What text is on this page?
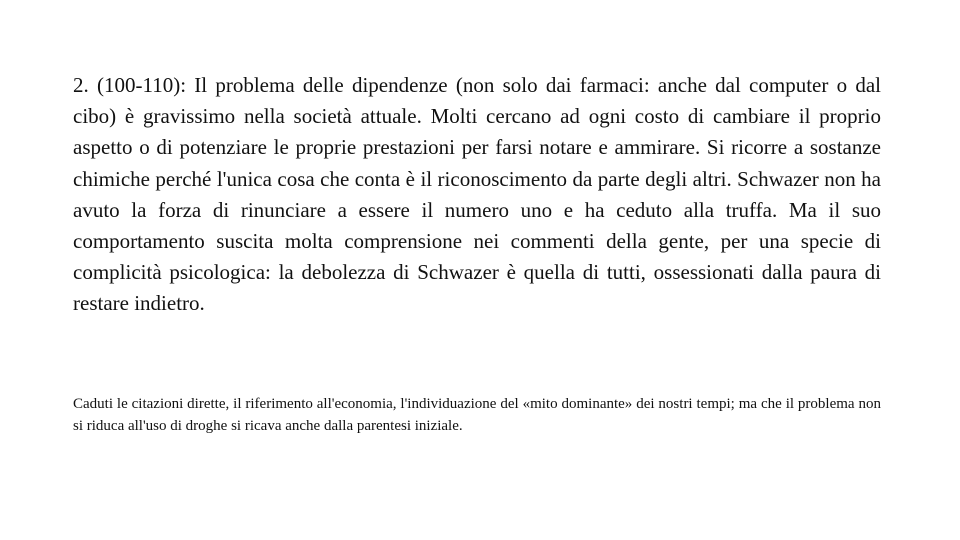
2. (100-110): Il problema delle dipendenze (non solo dai farmaci: anche dal computer o dal cibo) è gravissimo nella società attuale. Molti cercano ad ogni costo di cambiare il proprio aspetto o di potenziare le proprie prestazioni per farsi notare e ammirare. Si ricorre a sostanze chimiche perché l'unica cosa che conta è il riconoscimento da parte degli altri. Schwazer non ha avuto la forza di rinunciare a essere il numero uno e ha ceduto alla truffa. Ma il suo comportamento suscita molta comprensione nei commenti della gente, per una specie di complicità psicologica: la debolezza di Schwazer è quella di tutti, ossessionati dalla paura di restare indietro.

Caduti le citazioni dirette, il riferimento all'economia, l'individuazione del «mito dominante» dei nostri tempi; ma che il problema non si riduca all'uso di droghe si ricava anche dalla parentesi iniziale.
